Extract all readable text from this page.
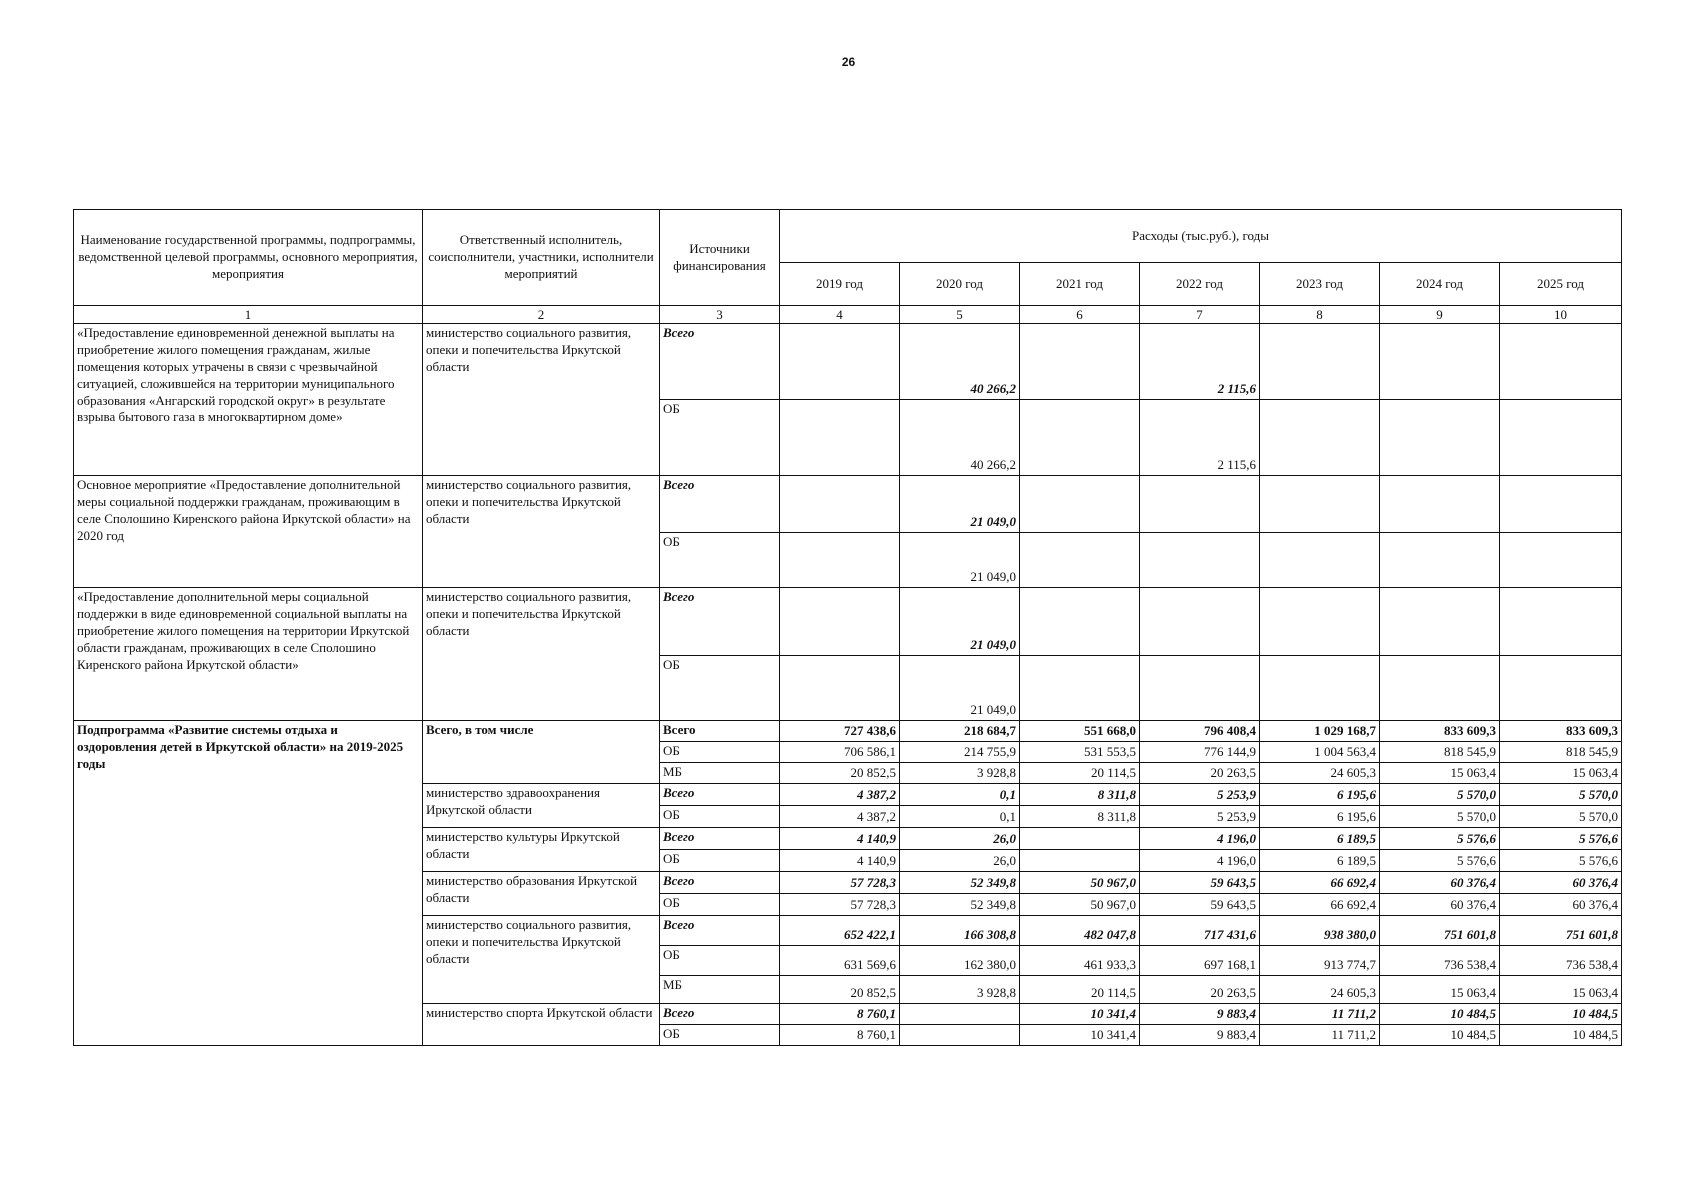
26
Наименование государственной программы, подпрограммы, ведомственной целевой программы, основного мероприятия, мероприятия	Ответственный исполнитель, соисполнители, участники, исполнители мероприятий	Источники финансирования	Расходы (тыс.руб.), годы						
			2019 год	2020 год	2021 год	2022 год	2023 год	2024 год	2025 год
1	2	3	4	5	6	7	8	9	10
«Предоставление единовременной денежной выплаты на приобретение жилого помещения гражданам, жилые помещения которых утрачены в связи с чрезвычайной ситуацией, сложившейся на территории муниципального образования «Ангарский городской округ» в результате взрыва бытового газа в многоквартирном доме»	министерство социального развития, опеки и попечительства Иркутской области	Всего		40 266,2		2 115,6			
		ОБ		40 266,2		2 115,6			
Основное мероприятие «Предоставление дополнительной меры социальной поддержки гражданам, проживающим в селе Сполошино Киренского района Иркутской области» на 2020 год	министерство социального развития, опеки и попечительства Иркутской области	Всего		21 049,0					
		ОБ		21 049,0					
«Предоставление дополнительной меры социальной поддержки в виде единовременной социальной выплаты на приобретение жилого помещения на территории Иркутской области гражданам, проживающих в селе Сполошино Киренского района Иркутской области»	министерство социального развития, опеки и попечительства Иркутской области	Всего		21 049,0					
		ОБ		21 049,0					
Подпрограмма «Развитие системы отдыха и оздоровления детей в Иркутской области» на 2019-2025 годы	Всего, в том числе	Всего	727 438,6	218 684,7	551 668,0	796 408,4	1 029 168,7	833 609,3	833 609,3
		ОБ	706 586,1	214 755,9	531 553,5	776 144,9	1 004 563,4	818 545,9	818 545,9
		МБ	20 852,5	3 928,8	20 114,5	20 263,5	24 605,3	15 063,4	15 063,4
	министерство здравоохранения Иркутской области	Всего	4 387,2	0,1	8 311,8	5 253,9	6 195,6	5 570,0	5 570,0
		ОБ	4 387,2	0,1	8 311,8	5 253,9	6 195,6	5 570,0	5 570,0
	министерство культуры Иркутской области	Всего	4 140,9	26,0		4 196,0	6 189,5	5 576,6	5 576,6
		ОБ	4 140,9	26,0		4 196,0	6 189,5	5 576,6	5 576,6
	министерство образования Иркутской области	Всего	57 728,3	52 349,8	50 967,0	59 643,5	66 692,4	60 376,4	60 376,4
		ОБ	57 728,3	52 349,8	50 967,0	59 643,5	66 692,4	60 376,4	60 376,4
	министерство социального развития, опеки и попечительства Иркутской области	Всего	652 422,1	166 308,8	482 047,8	717 431,6	938 380,0	751 601,8	751 601,8
		ОБ	631 569,6	162 380,0	461 933,3	697 168,1	913 774,7	736 538,4	736 538,4
		МБ	20 852,5	3 928,8	20 114,5	20 263,5	24 605,3	15 063,4	15 063,4
	министерство спорта Иркутской области	Всего	8 760,1		10 341,4	9 883,4	11 711,2	10 484,5	10 484,5
		ОБ	8 760,1		10 341,4	9 883,4	11 711,2	10 484,5	10 484,5
